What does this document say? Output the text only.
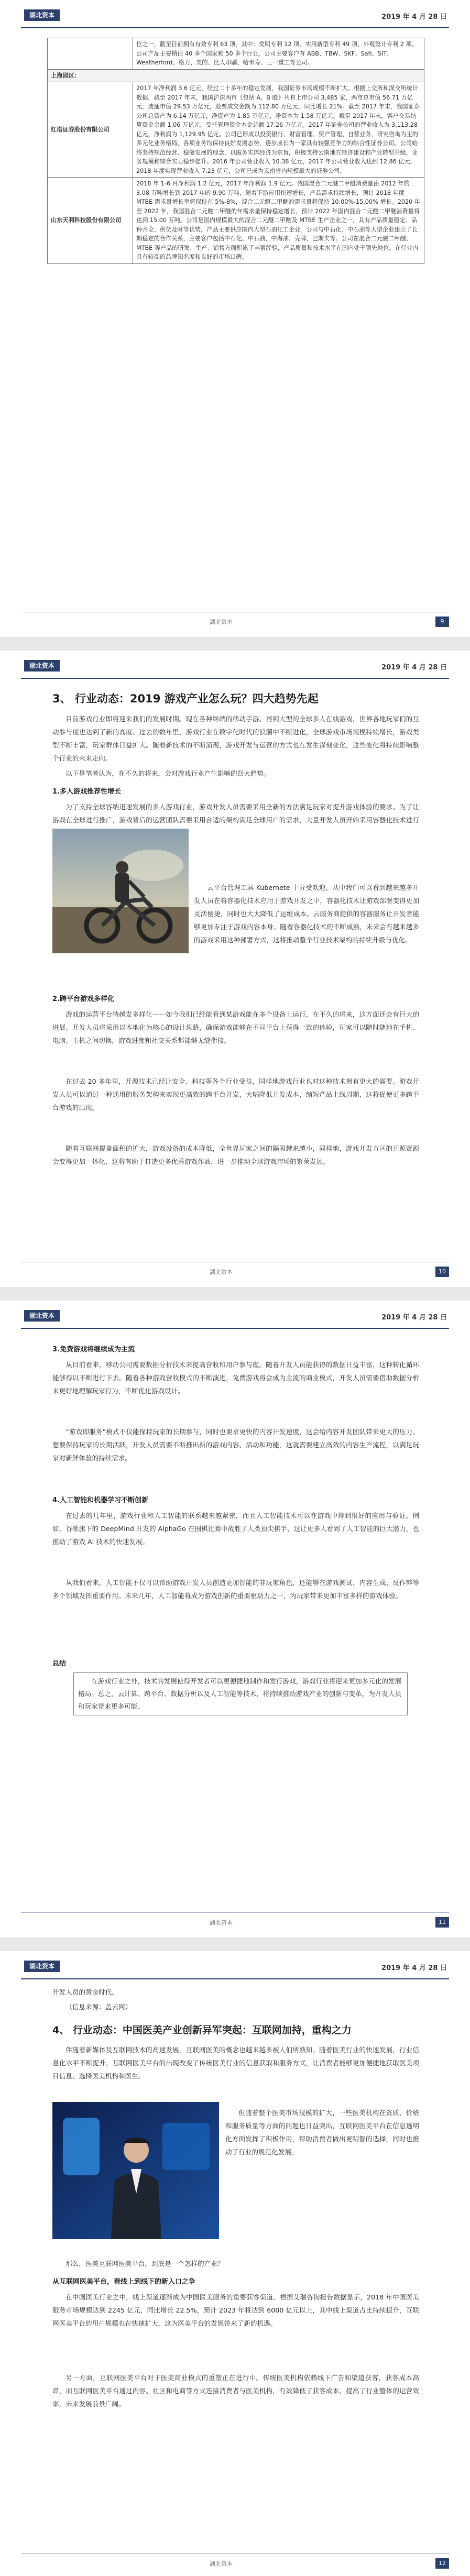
湖北资本	2019 年 4 月 28 日
	位之一，截至目前拥有有效专利 63 项，其中：发明专利 12 项、实用新型专利 49 项、外观设计专利 2 项。公司产品主要销往 40 多个国家和 50 多个行业，公司主要客户有 ABB、TBW、SKF、Safi、SIT、Weatherford、格力、美的、比人印刷、哈米寿、三一重工等公司。
上海园区：	
红塔证券股份有限公司	2017 年净利润 3.6 亿元，经过二十多年的稳定发展，我国证券市场规模不断扩大。根据上交所和深交所统计数据，截至 2017 年末，我国沪深两市《包括 A、B 股》共有上市公司 3,485 家，两市总市值 56.71 万亿元，流通市值 29.53 万亿元，股票成交金额为 112.80 万亿元，同比增长 21%。截至 2017 年末，我国证券公司总资产为 6.14 万亿元，净资产为 1.85 万亿元，净资本为 1.58 万亿元。截至 2017 年末，客户交易结算资金余额 1.06 万亿元，受托管理资金本金总额 17.26 万亿元。2017 年证券公司的营业收入为 3,113.28 亿元，净利润为 1,129.95 亿元。公司已形成以投资银行、财富管理、资产管理、自营业务、研究咨询为主的多元化业务格局，各项业务均保持良好发展态势，逐步成长为一家具有较强竞争力的综合性证券公司。公司始终坚持规范经营、稳健发展的理念，以服务实体经济为宗旨，积极支持云南地方经济建设和产业转型升级，业务规模和综合实力稳步提升。2016 年公司营业收入 10.38 亿元，2017 年公司营业收入达到 12.86 亿元，2018 年度实现营业收入 7.23 亿元，公司已成为云南省内规模最大的证券公司。
山东天利科技股份有限公司	2018 年 1-6 月净利润 1.2 亿元，2017 年净利润 1.9 亿元。我国混合二元醚二甲醚消费量由 2012 年的 3.08 万吨增长到 2017 年的 9.90 万吨，随着下游应用快速增长，产品需求持续增长，预计 2018 年度 MTBE 需求量增长率将保持在 5%-8%，混合二元醚二甲醚的需求量将保持 10.00%-15.00% 增长。2020 年至 2022 年，我国混合二元醚二甲醚的年需求量保持稳定增长，预计 2022 年国内混合二元醚二甲醚消费量将达到 15.00 万吨。公司是国内规模最大的混合二元醚二甲醚及 MTBE 生产企业之一，具有产品质量稳定、品种齐全、供货及时等优势，产品主要供应国内大型石油化工企业。公司与中石化、中石油等大型企业建立了长期稳定的合作关系，主要客户包括中石化、中石油、中海油、壳牌、巴斯夫等。公司在混合二元醚二甲醚、MTBE 等产品的研发、生产、销售方面积累了丰富经验，产品质量和技术水平在国内处于领先地位，在行业内具有较高的品牌知名度和良好的市场口碑。
湖北资本	9
湖北资本	2019 年 4 月 28 日
3、 行业动态：2019 游戏产业怎么玩？四大趋势先起

目前游戏行业即将迎来我们的发展时期。现在各种终端的移动手游、再到大型的全球多人在线游戏，世界各地玩家们的互动参与度也达到了新的高度。过去的数年里，游戏行业在数字化时代的浪潮中不断进化，全球游戏市场规模持续增长，游戏类型不断丰富，玩家群体日益扩大。随着新技术的不断涌现，游戏开发与运营的方式也在发生深刻变化，这些变化将持续影响整个行业的未来走向。

以下是笔者认为，在不久的将来，会对游戏行业产生影响的四大趋势。

1.多人游戏推荐性增长

为了支持全球容纳迅速发展的多人游戏行业，游戏开发人员需要采用全新的方法满足玩家对提升游戏体验的要求。为了让游戏在全球进行推广，游戏背后的运营团队需要采用合适的架构满足全球用户的需求，大量开发人员开始采用容器化技术进行

云平台管理工具 Kubernete 十分受欢迎，从中我们可以看到越来越多开发人员在将容器化技术应用于游戏开发之中，容器化技术让游戏部署变得更加灵活便捷，同时也大大降低了运维成本。云服务商提供的容器服务让开发者能够更加专注于游戏内容本身。随着容器化技术的不断成熟，未来会有越来越多的游戏采用这种部署方式，这将推动整个行业技术架构的持续升级与优化。

2.跨平台游戏多样化

游戏的运营平台特越发多样化——如今我们已经能看到某游戏能在多个设备上运行，在不久的将来，这方面还会有巨大的进展。开发人员将采用以本地化为核心的设计思路，确保游戏能够在不同平台上获得一致的体验，玩家可以随时随地在手机、电脑、主机之间切换，游戏进度和社交关系都能够无缝衔接。

在过去 20 多年里，开源技术已经让安全、科技等各个行业受益，同样地游戏行业也对这种技术拥有更大的需要。游戏开发人员可以通过一种通用的服务架构来实现更高效的跨平台开发，大幅降低开发成本，缩短产品上线周期，这将促使更多跨平台游戏的出现。

随着互联网覆盖面积的扩大，游戏设备的成本降低，全世界玩家之间的隔阂越来越小，同样地，游戏开发方区的开源资源会变得更加一体化，这将有助于打造更多优秀游戏作品，进一步推动全球游戏市场的繁荣发展。

湖北资本	10
湖北资本	2019 年 4 月 28 日
3.免费游戏将继续成为主流

从目前看来，移动公司需要数据分析技术来提高营收和用户参与度。随着开发人员能获得的数据日益丰富，这种转化循环能够得以不断进行下去。随着各种游戏营收模式的不断演进，免费游戏将会成为主流的商业模式，开发人员需要借助数据分析来更好地理解玩家行为，不断优化游戏设计。

“游戏即服务”模式不仅能保持玩家的长期参与，同时也要求更快的内容开发速度，这会给内容开发团队带来更大的压力。想要保持玩家的长期活跃，开发人员需要不断推出新的游戏内容、活动和功能，这就需要建立高效的内容生产流程，以满足玩家对新鲜体验的持续需求。

4.人工智能和机器学习不断创新

在过去的几年里，游戏行业和人工智能的联系越来越紧密，而且人工智能技术可以在游戏中得到很好的应用与验证。例如，谷歌旗下的 DeepMind 开发的 AlphaGo 在围棋比赛中战胜了人类顶尖棋手，这让更多人看到了人工智能的巨大潜力，也推动了游戏 AI 技术的快速发展。

从我们看来，人工智能不仅可以帮助游戏开发人员创造更加智能的非玩家角色，还能够在游戏测试、内容生成、反作弊等多个领域发挥重要作用。未来几年，人工智能将成为游戏创新的重要驱动力之一，为玩家带来更加丰富多样的游戏体验。

总结

在游戏行业之外，技术的发展使得开发者可以更便捷地制作和发行游戏，游戏行业将迎来更加多元化的发展格局。总之，云计算、跨平台、数据分析以及人工智能等技术，将持续推动游戏产业的创新与变革，为开发人员和玩家带来更多可能。

湖北资本	11
湖北资本	2019 年 4 月 28 日

开发人员的黄金时代。

（信息来源：盖云网）

4、 行业动态：中国医美产业创新异军突起：互联网加持，重构之力

伴随着新媒体及互联网技术的高速发展，互联网医美的概念也越来越多被人们所熟知。随着医美行业的快速发展，行业信息化水平不断提升，互联网医美平台的出现改变了传统医美行业的信息获取和服务方式，让消费者能够更加便捷地获取医美项目信息、选择医美机构和医生。

但随着整个医美市场规模的扩大，一些医美机构在资质、价格和服务质量等方面的问题也日益突出，互联网医美平台在信息透明化方面发挥了积极作用，帮助消费者做出更明智的选择，同时也推动了行业的规范化发展。

那么，医美互联网医美平台，到底是一个怎样的产业？

从互联网医美平台，看线上到线下的新入口之争

在中国医美行业之中，线上渠道逐渐成为中国医美服务的重要获客渠道。根据艾瑞咨询报告数据显示，2018 年中国医美服务市场规模达到 2245 亿元，同比增长 22.5%，预计 2023 年将达到 6000 亿元以上，其中线上渠道占比持续提升，互联网医美平台的用户规模也在快速扩大，这为医美平台的发展带来了新的机遇。

另一方面，互联网医美平台对于医美商业模式的重塑正在进行中。传统医美机构依赖线下广告和渠道获客，获客成本高昂，而互联网医美平台通过内容、社区和电商等方式连接消费者与医美机构，有效降低了获客成本，提高了行业整体的运营效率，未来发展前景广阔。

湖北资本	12
